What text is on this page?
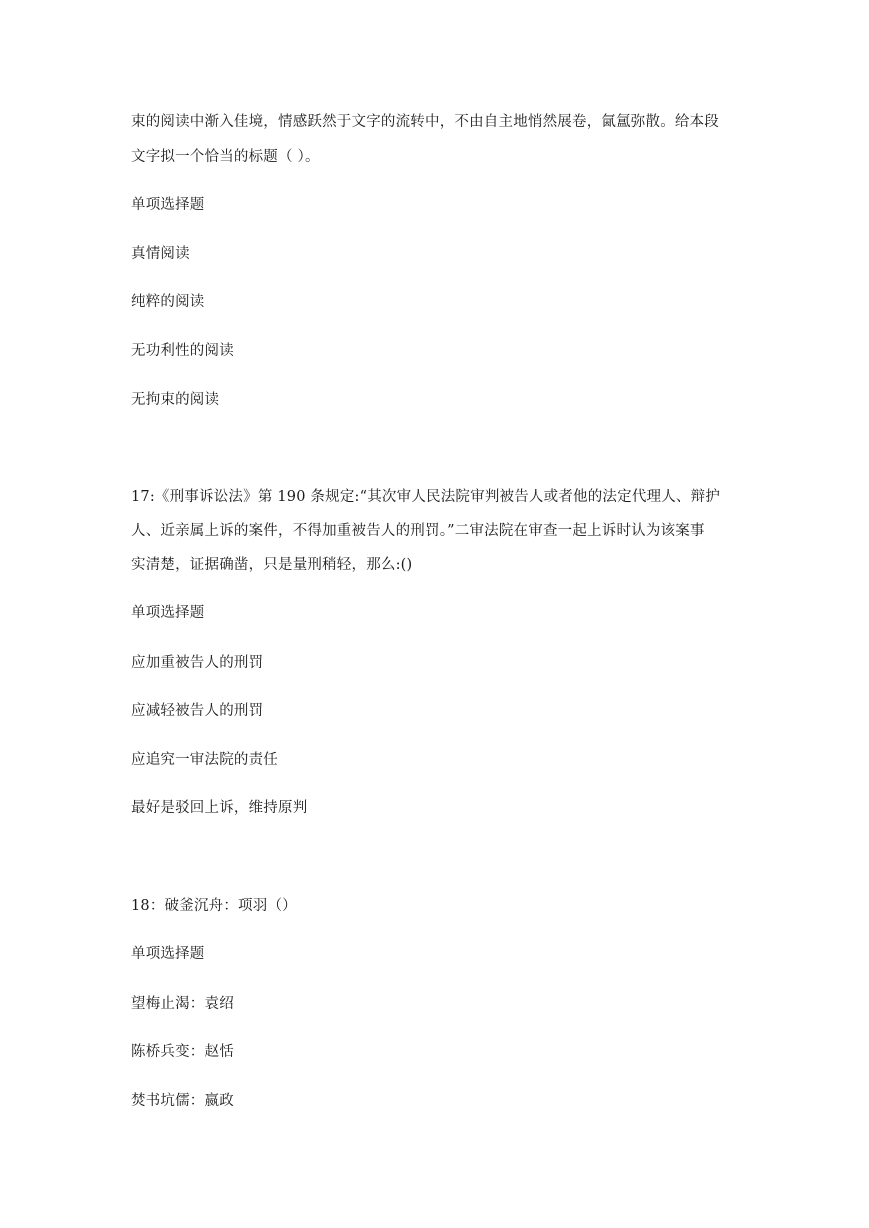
束的阅读中渐入佳境，情感跃然于文字的流转中，不由自主地悄然展卷，氤氲弥散。给本段

文字拟一个恰当的标题（ ）。

单项选择题

真情阅读

纯粹的阅读

无功利性的阅读

无拘束的阅读

17:《刑事诉讼法》第 190 条规定:“其次审人民法院审判被告人或者他的法定代理人、辩护

人、近亲属上诉的案件，不得加重被告人的刑罚。”二审法院在审查一起上诉时认为该案事

实清楚，证据确凿，只是量刑稍轻，那么:()

单项选择题

应加重被告人的刑罚

应减轻被告人的刑罚

应追究一审法院的责任

最好是驳回上诉，维持原判

18：破釜沉舟：项羽（）

单项选择题

望梅止渴：袁绍

陈桥兵变：赵恬

焚书坑儒：嬴政
